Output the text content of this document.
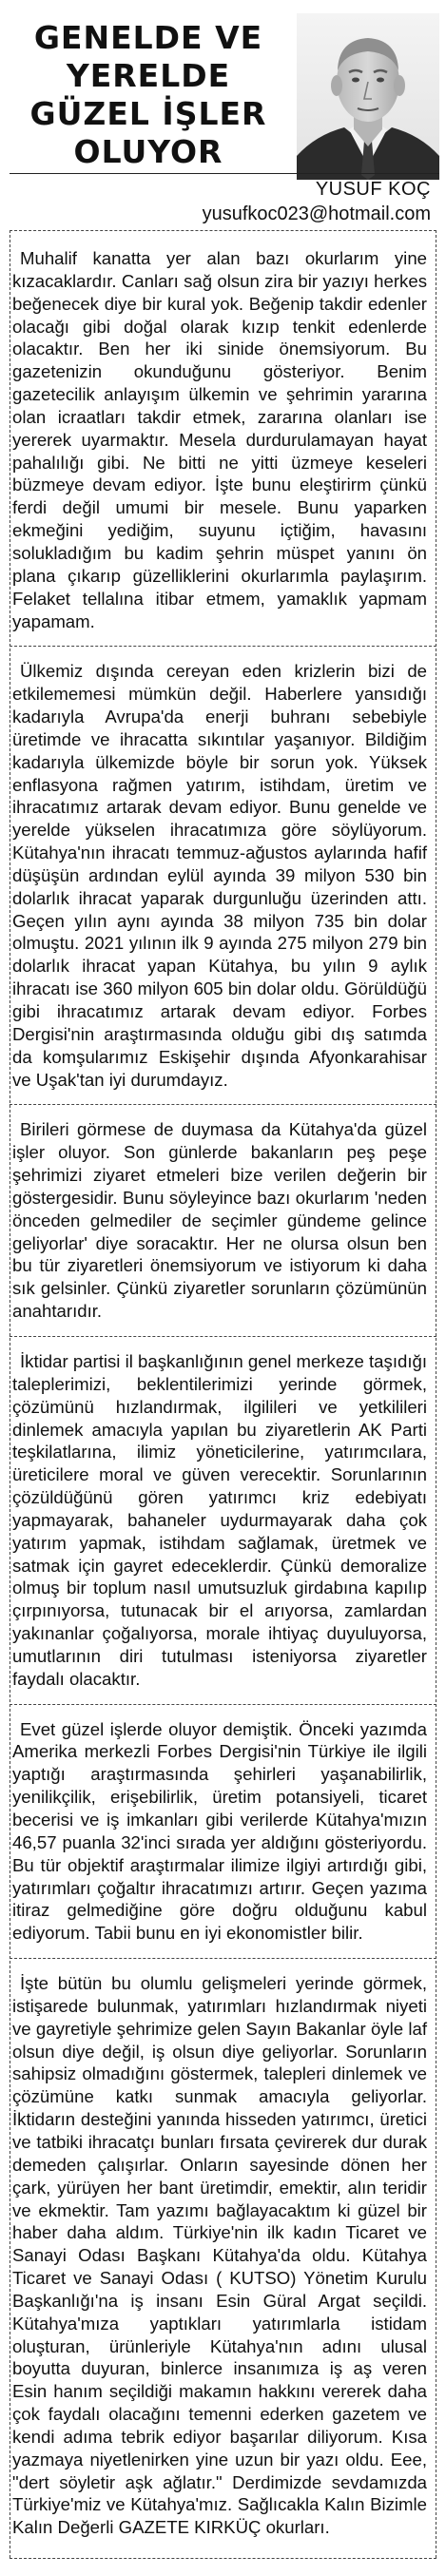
GENELDE VE
YERELDE
GÜZEL İŞLER
OLUYOR
YUSUF KOÇ
yusufkoc023@hotmail.com

Muhalif kanatta yer alan bazı okurlarım yine kızacaklardır. Canları sağ olsun zira bir yazıyı herkes beğenecek diye bir kural yok. Beğenip takdir edenler olacağı gibi doğal olarak kızıp tenkit edenlerde olacaktır. Ben her iki sinide önemsiyorum. Bu gazetenizin okunduğunu gösteriyor. Benim gazetecilik anlayışım ülkemin ve şehrimin yararına olan icraatları takdir etmek, zararına olanları ise yererek uyarmaktır. Mesela durdurulamayan hayat pahalılığı gibi. Ne bitti ne yitti üzmeye keseleri büzmeye devam ediyor. İşte bunu eleştirirm çünkü ferdi değil umumi bir mesele. Bunu yaparken ekmeğini yediğim, suyunu içtiğim, havasını solukladığım bu kadim şehrin müspet yanını ön plana çıkarıp güzelliklerini okurlarımla paylaşırım. Felaket tellalına itibar etmem, yamaklık yapmam yapamam.

Ülkemiz dışında cereyan eden krizlerin bizi de etkilememesi mümkün değil. Haberlere yansıdığı kadarıyla Avrupa'da enerji buhranı sebebiyle üretimde ve ihracatta sıkıntılar yaşanıyor. Bildiğim kadarıyla ülkemizde böyle bir sorun yok. Yüksek enflasyona rağmen yatırım, istihdam, üretim ve ihracatımız artarak devam ediyor. Bunu genelde ve yerelde yükselen ihracatımıza göre söylüyorum. Kütahya'nın ihracatı temmuz-ağustos aylarında hafif düşüşün ardından eylül ayında 39 milyon 530 bin dolarlık ihracat yaparak durgunluğu üzerinden attı. Geçen yılın aynı ayında 38 milyon 735 bin dolar olmuştu. 2021 yılının ilk 9 ayında 275 milyon 279 bin dolarlık ihracat yapan Kütahya, bu yılın 9 aylık ihracatı ise 360 milyon 605 bin dolar oldu. Görüldüğü gibi ihracatımız artarak devam ediyor. Forbes Dergisi'nin araştırmasında olduğu gibi dış satımda da komşularımız Eskişehir dışında Afyonkarahisar ve Uşak'tan iyi durumdayız.

Birileri görmese de duymasa da Kütahya'da güzel işler oluyor. Son günlerde bakanların peş peşe şehrimizi ziyaret etmeleri bize verilen değerin bir göstergesidir. Bunu söyleyince bazı okurlarım 'neden önceden gelmediler de seçimler gündeme gelince geliyorlar' diye soracaktır. Her ne olursa olsun ben bu tür ziyaretleri önemsiyorum ve istiyorum ki daha sık gelsinler. Çünkü ziyaretler sorunların çözümünün anahtarıdır.

İktidar partisi il başkanlığının genel merkeze taşıdığı taleplerimizi, beklentilerimizi yerinde görmek, çözümünü hızlandırmak, ilgilileri ve yetkilileri dinlemek amacıyla yapılan bu ziyaretlerin AK Parti teşkilatlarına, ilimiz yöneticilerine, yatırımcılara, üreticilere moral ve güven verecektir. Sorunlarının çözüldüğünü gören yatırımcı kriz edebiyatı yapmayarak, bahaneler uydurmayarak daha çok yatırım yapmak, istihdam sağlamak, üretmek ve satmak için gayret edeceklerdir. Çünkü demoralize olmuş bir toplum nasıl umutsuzluk girdabına kapılıp çırpınıyorsa, tutunacak bir el arıyorsa, zamlardan yakınanlar çoğalıyorsa, morale ihtiyaç duyuluyorsa, umutlarının diri tutulması isteniyorsa ziyaretler faydalı olacaktır.

Evet güzel işlerde oluyor demiştik. Önceki yazımda Amerika merkezli Forbes Dergisi'nin Türkiye ile ilgili yaptığı araştırmasında şehirleri yaşanabilirlik, yenilikçilik, erişebilirlik, üretim potansiyeli, ticaret becerisi ve iş imkanları gibi verilerde Kütahya'mızın 46,57 puanla 32'inci sırada yer aldığını gösteriyordu. Bu tür objektif araştırmalar ilimize ilgiyi artırdığı gibi, yatırımları çoğaltır ihracatımızı artırır. Geçen yazıma itiraz gelmediğine göre doğru olduğunu kabul ediyorum. Tabii bunu en iyi ekonomistler bilir.

İşte bütün bu olumlu gelişmeleri yerinde görmek, istişarede bulunmak, yatırımları hızlandırmak niyeti ve gayretiyle şehrimize gelen Sayın Bakanlar öyle laf olsun diye değil, iş olsun diye geliyorlar. Sorunların sahipsiz olmadığını göstermek, talepleri dinlemek ve çözümüne katkı sunmak amacıyla geliyorlar. İktidarın desteğini yanında hisseden yatırımcı, üretici ve tatbiki ihracatçı bunları fırsata çevirerek dur durak demeden çalışırlar. Onların sayesinde dönen her çark, yürüyen her bant üretimdir, emektir, alın teridir ve ekmektir. Tam yazımı bağlayacaktım ki güzel bir haber daha aldım. Türkiye'nin ilk kadın Ticaret ve Sanayi Odası Başkanı Kütahya'da oldu. Kütahya Ticaret ve Sanayi Odası ( KUTSO) Yönetim Kurulu Başkanlığı'na iş insanı Esin Güral Argat seçildi. Kütahya'mıza yaptıkları yatırımlarla istidam oluşturan, ürünleriyle Kütahya'nın adını ulusal boyutta duyuran, binlerce insanımıza iş aş veren Esin hanım seçildiği makamın hakkını vererek daha çok faydalı olacağını temenni ederken gazetem ve kendi adıma tebrik ediyor başarılar diliyorum. Kısa yazmaya niyetlenirken yine uzun bir yazı oldu. Eee, "dert söyletir aşk ağlatır." Derdimizde sevdamızda Türkiye'miz ve Kütahya'mız. Sağlıcakla Kalın Bizimle Kalın Değerli GAZETE KIRKÜÇ okurları.
